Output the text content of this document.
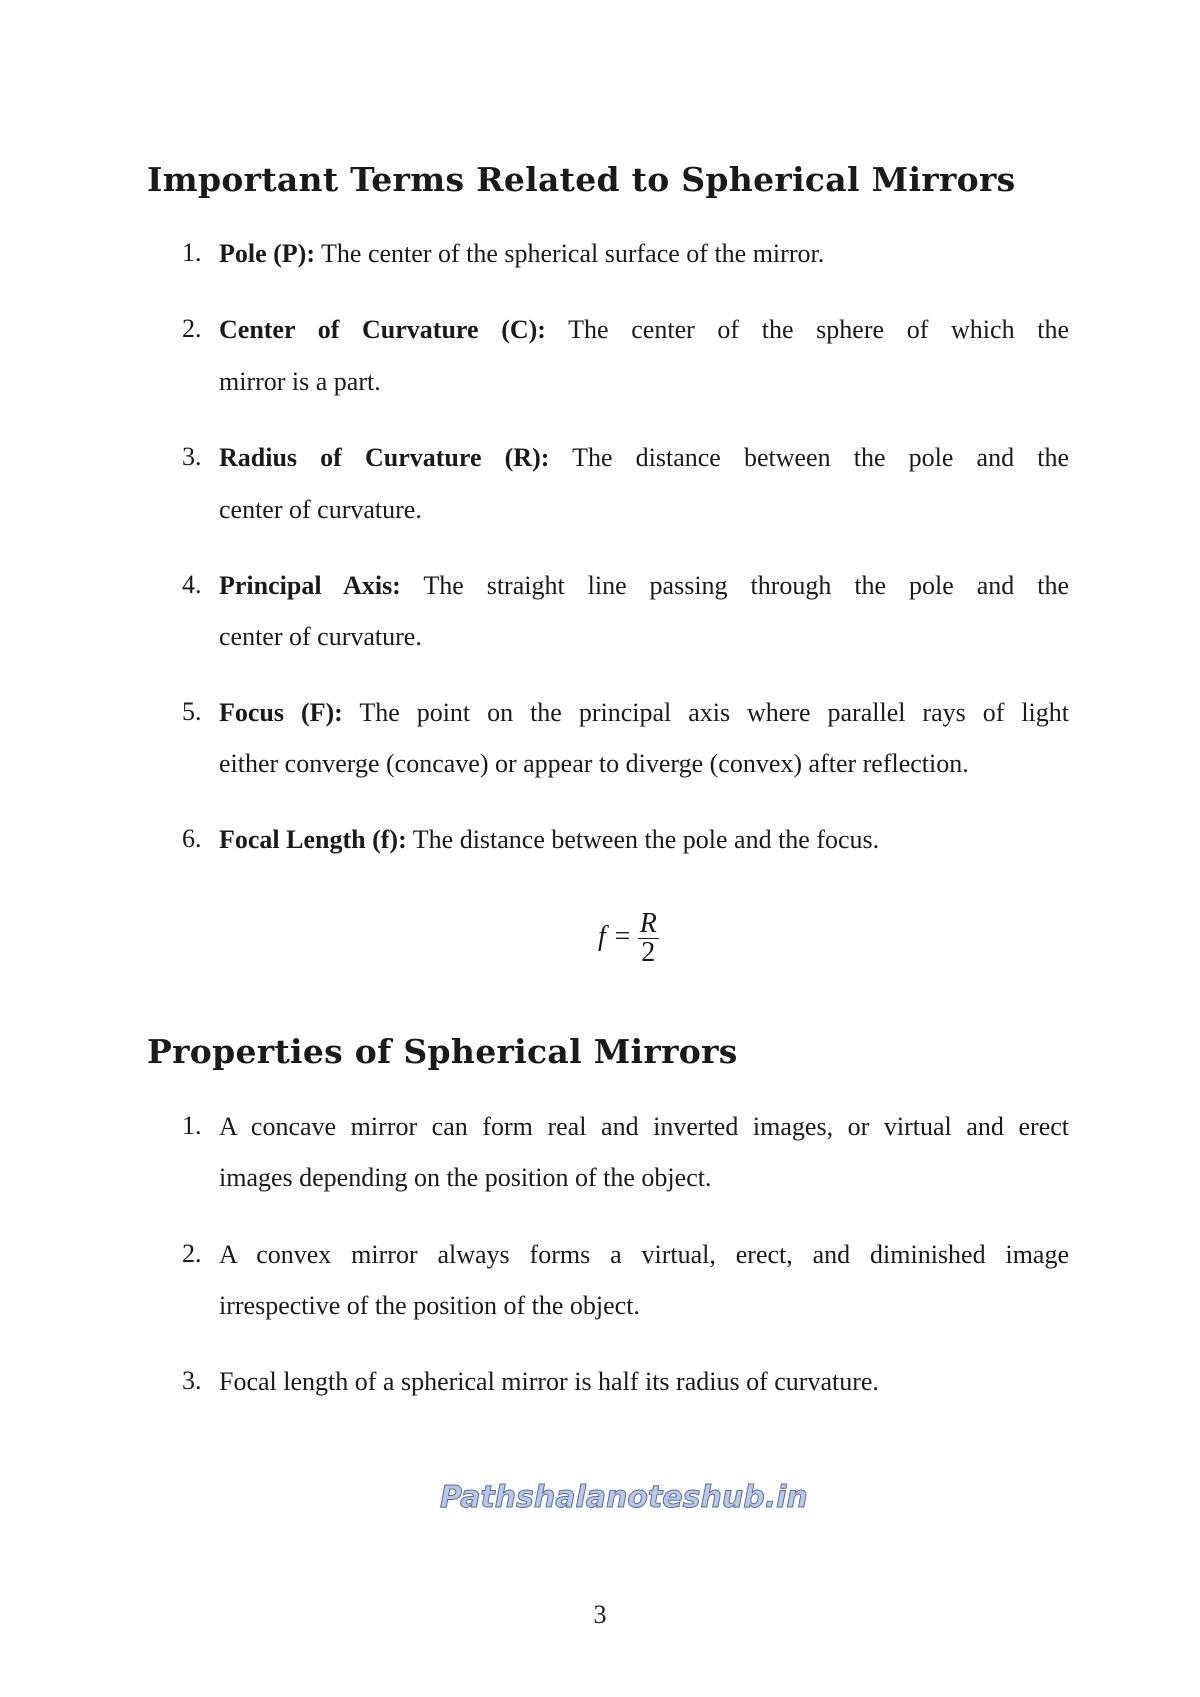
Important Terms Related to Spherical Mirrors
1. Pole (P): The center of the spherical surface of the mirror.
2. Center of Curvature (C): The center of the sphere of which the
mirror is a part.
3. Radius of Curvature (R): The distance between the pole and the
center of curvature.
4. Principal Axis: The straight line passing through the pole and the
center of curvature.
5. Focus (F): The point on the principal axis where parallel rays of light
either converge (concave) or appear to diverge (convex) after reflection.
6. Focal Length (f): The distance between the pole and the focus.
$f = \frac{R}{2}$
Properties of Spherical Mirrors
1. A concave mirror can form real and inverted images, or virtual and erect
images depending on the position of the object.
2. A convex mirror always forms a virtual, erect, and diminished image
irrespective of the position of the object.
3. Focal length of a spherical mirror is half its radius of curvature.
Pathshalanoteshub.in
3
